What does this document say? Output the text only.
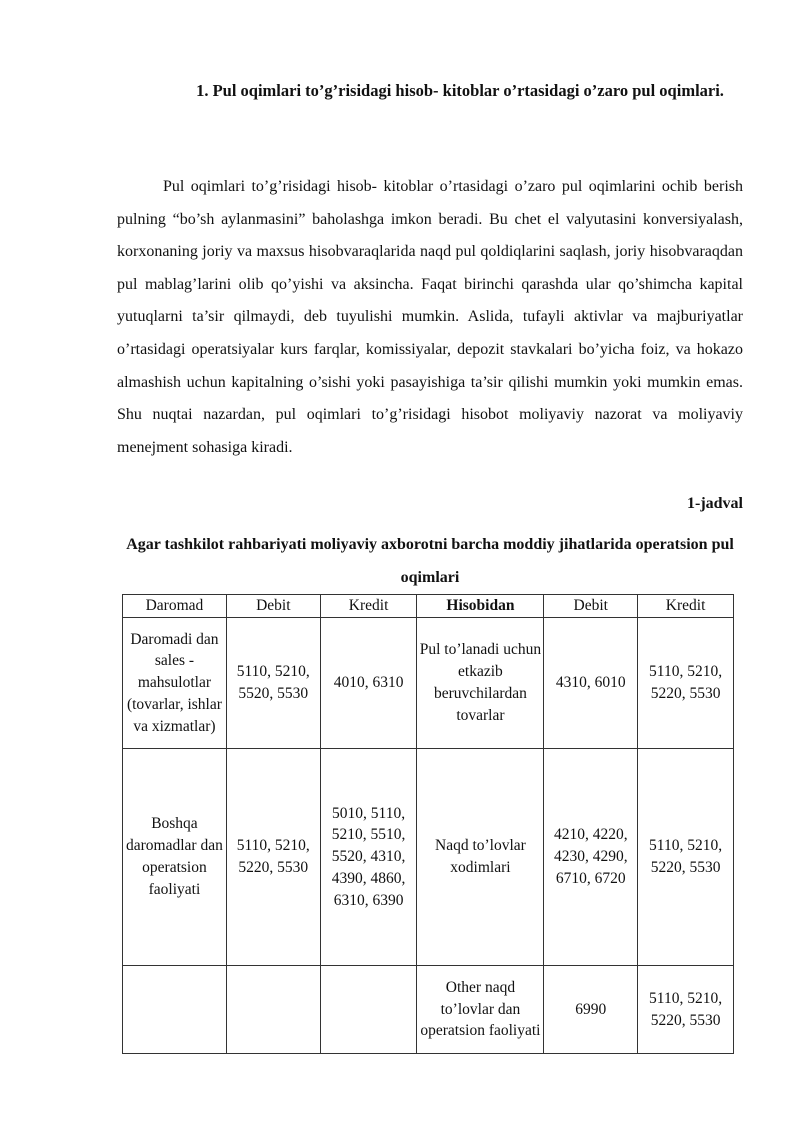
1. Pul oqimlari to’g’risidagi hisob- kitoblar o’rtasidagi o’zaro pul oqimlari.

Pul oqimlari to’g’risidagi hisob- kitoblar o’rtasidagi o’zaro pul oqimlarini ochib berish pulning “bo’sh aylanmasini” baholashga imkon beradi. Bu chet el valyutasini konversiyalash, korxonaning joriy va maxsus hisobvaraqlarida naqd pul qoldiqlarini saqlash, joriy hisobvaraqdan pul mablag’larini olib qo’yishi va aksincha. Faqat birinchi qarashda ular qo’shimcha kapital yutuqlarni ta’sir qilmaydi, deb tuyulishi mumkin. Aslida, tufayli aktivlar va majburiyatlar o’rtasidagi operatsiyalar kurs farqlar, komissiyalar, depozit stavkalari bo’yicha foiz, va hokazo almashish uchun kapitalning o’sishi yoki pasayishiga ta’sir qilishi mumkin yoki mumkin emas. Shu nuqtai nazardan, pul oqimlari to’g’risidagi hisobot moliyaviy nazorat va moliyaviy menejment sohasiga kiradi.

1-jadval
Agar tashkilot rahbariyati moliyaviy axborotni barcha moddiy jihatlarida operatsion pul oqimlari
Daromad	Debit	Kredit	Hisobidan	Debit	Kredit
Daromadi dan sales - mahsulotlar (tovarlar, ishlar va xizmatlar)	5110, 5210, 5520, 5530	4010, 6310	Pul to’lanadi uchun etkazib beruvchilardan tovarlar	4310, 6010	5110, 5210, 5220, 5530
Boshqa daromadlar dan operatsion faoliyati	5110, 5210, 5220, 5530	5010, 5110, 5210, 5510, 5520, 4310, 4390, 4860, 6310, 6390	Naqd to’lovlar xodimlari	4210, 4220, 4230, 4290, 6710, 6720	5110, 5210, 5220, 5530
			Other naqd to’lovlar dan operatsion faoliyati	6990	5110, 5210, 5220, 5530
